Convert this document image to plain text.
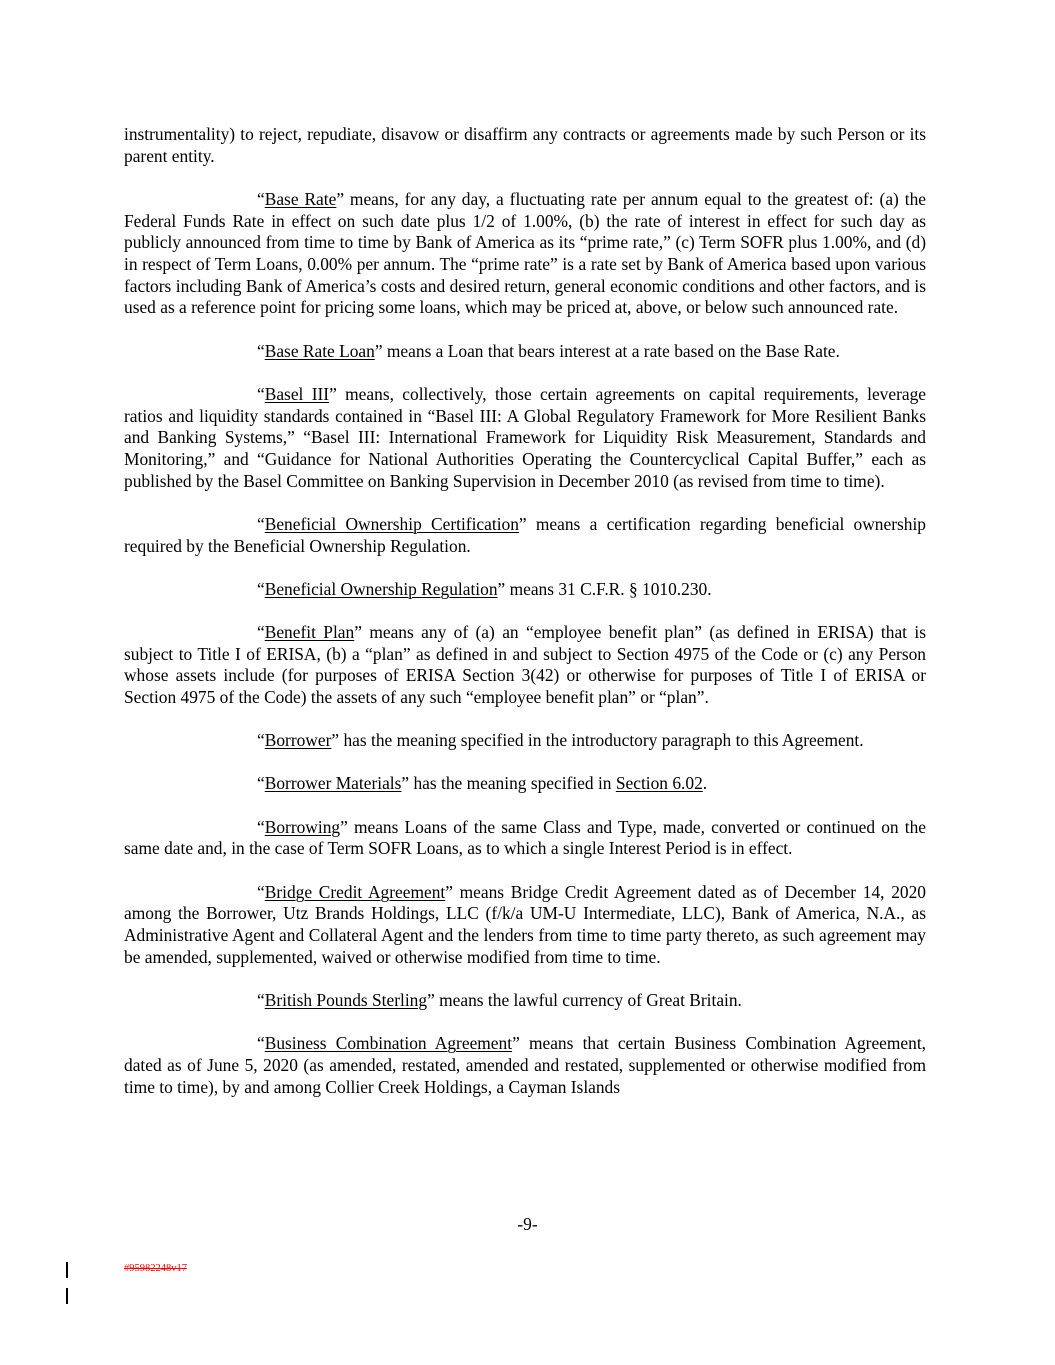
instrumentality) to reject, repudiate, disavow or disaffirm any contracts or agreements made by such Person or its parent entity.

“Base Rate” means, for any day, a fluctuating rate per annum equal to the greatest of: (a) the Federal Funds Rate in effect on such date plus 1/2 of 1.00%, (b) the rate of interest in effect for such day as publicly announced from time to time by Bank of America as its “prime rate,” (c) Term SOFR plus 1.00%, and (d) in respect of Term Loans, 0.00% per annum. The “prime rate” is a rate set by Bank of America based upon various factors including Bank of America’s costs and desired return, general economic conditions and other factors, and is used as a reference point for pricing some loans, which may be priced at, above, or below such announced rate.

“Base Rate Loan” means a Loan that bears interest at a rate based on the Base Rate.

“Basel III” means, collectively, those certain agreements on capital requirements, leverage ratios and liquidity standards contained in “Basel III: A Global Regulatory Framework for More Resilient Banks and Banking Systems,” “Basel III: International Framework for Liquidity Risk Measurement, Standards and Monitoring,” and “Guidance for National Authorities Operating the Countercyclical Capital Buffer,” each as published by the Basel Committee on Banking Supervision in December 2010 (as revised from time to time).

“Beneficial Ownership Certification” means a certification regarding beneficial ownership required by the Beneficial Ownership Regulation.

“Beneficial Ownership Regulation” means 31 C.F.R. § 1010.230.

“Benefit Plan” means any of (a) an “employee benefit plan” (as defined in ERISA) that is subject to Title I of ERISA, (b) a “plan” as defined in and subject to Section 4975 of the Code or (c) any Person whose assets include (for purposes of ERISA Section 3(42) or otherwise for purposes of Title I of ERISA or Section 4975 of the Code) the assets of any such “employee benefit plan” or “plan”.

“Borrower” has the meaning specified in the introductory paragraph to this Agreement.

“Borrower Materials” has the meaning specified in Section 6.02.

“Borrowing” means Loans of the same Class and Type, made, converted or continued on the same date and, in the case of Term SOFR Loans, as to which a single Interest Period is in effect.

“Bridge Credit Agreement” means Bridge Credit Agreement dated as of December 14, 2020 among the Borrower, Utz Brands Holdings, LLC (f/k/a UM-U Intermediate, LLC), Bank of America, N.A., as Administrative Agent and Collateral Agent and the lenders from time to time party thereto, as such agreement may be amended, supplemented, waived or otherwise modified from time to time.

“British Pounds Sterling” means the lawful currency of Great Britain.

“Business Combination Agreement” means that certain Business Combination Agreement, dated as of June 5, 2020 (as amended, restated, amended and restated, supplemented or otherwise modified from time to time), by and among Collier Creek Holdings, a Cayman Islands

-9-
#95982248v17
